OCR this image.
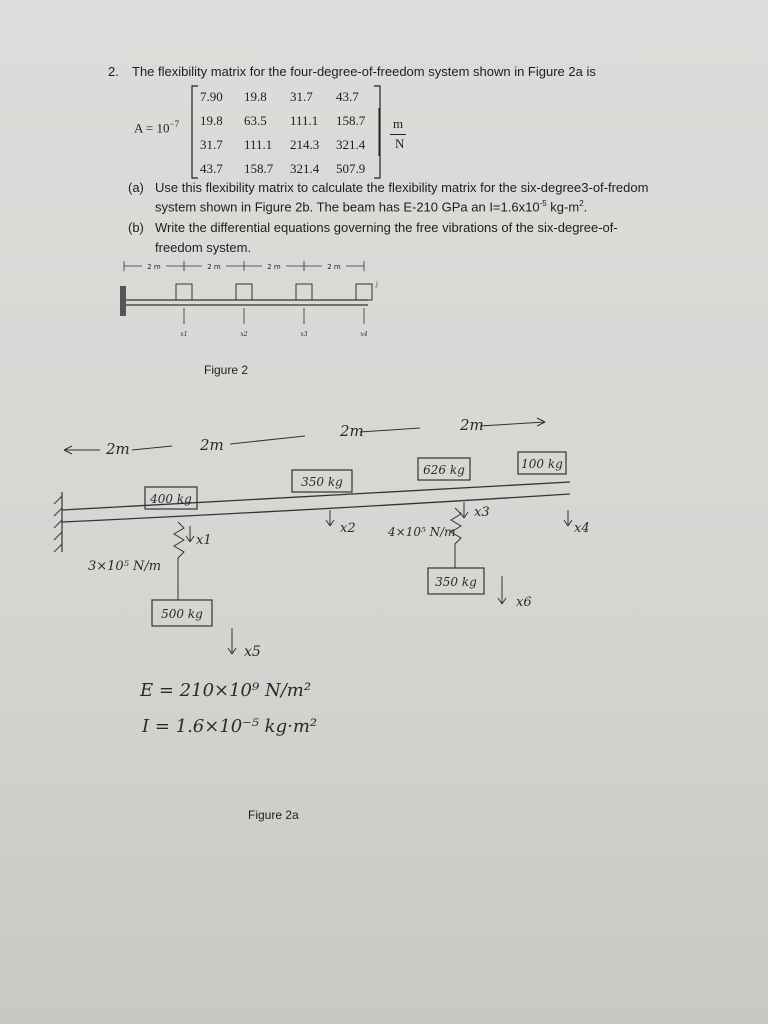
2. The flexibility matrix for the four-degree-of-freedom system shown in Figure 2a is
$A = 10^{-7}$
7.90 19.8 31.7 43.7
19.8 63.5 111.1 158.7
31.7 111.1 214.3 321.4
43.7 158.7 321.4 507.9
m
N
(a) Use this flexibility matrix to calculate the flexibility matrix for the six-degree3-of-fredom
system shown in Figure 2b. The beam has E-210 GPa an $I=1.6x10^{-5}$ $kg-m^2$.
(b) Write the differential equations governing the free vibrations of the six-degree-of-
freedom system.
2 m	2 m	2 m	2 m
j
x1	x2	x3	x4
Figure 2
2m	2m
2m	2m
400 kg
350 kg
626 kg	100 kg
3×10⁵ N/m
4×10⁵ N/m
x1
x2
x3
x4
500 kg
350 kg
x6
x5
E = 210×10⁹ N/m²
I = 1.6×10⁻⁵ kg·m²
Figure 2a
